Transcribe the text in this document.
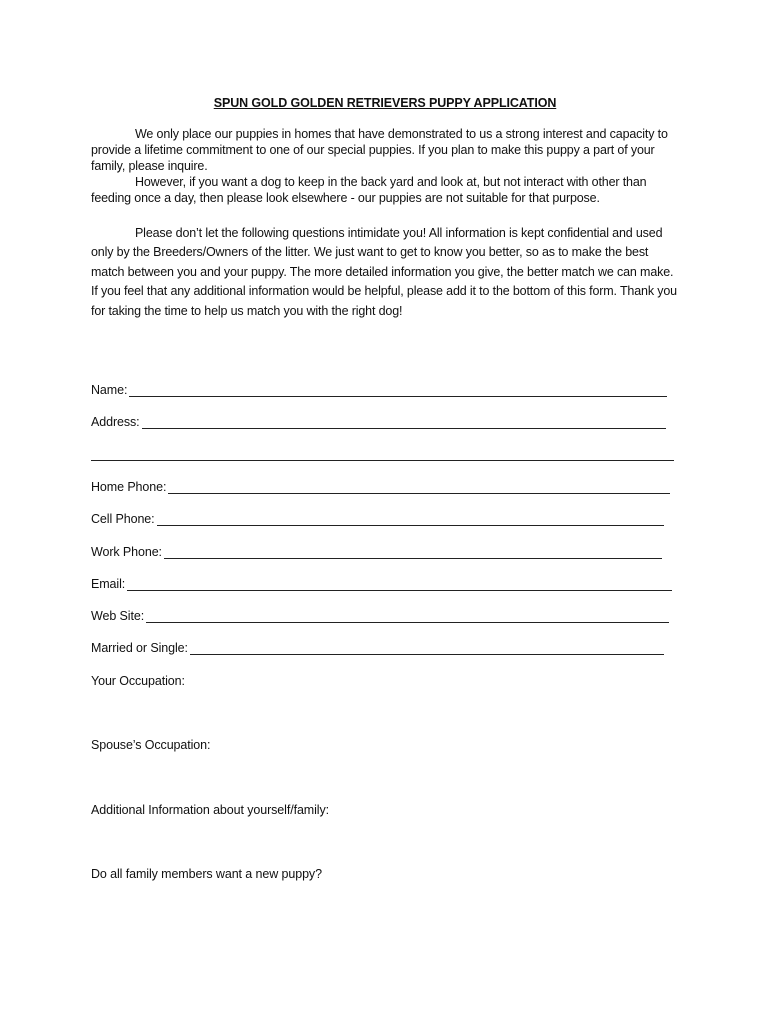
SPUN GOLD GOLDEN RETRIEVERS PUPPY APPLICATION
We only place our puppies in homes that have demonstrated to us a strong interest and capacity to provide a lifetime commitment to one of our special puppies. If you plan to make this puppy a part of your family, please inquire.
However, if you want a dog to keep in the back yard and look at, but not interact with other than feeding once a day, then please look elsewhere - our puppies are not suitable for that purpose.
Please don’t let the following questions intimidate you! All information is kept confidential and used only by the Breeders/Owners of the litter. We just want to get to know you better, so as to make the best match between you and your puppy. The more detailed information you give, the better match we can make. If you feel that any additional information would be helpful, please add it to the bottom of this form. Thank you for taking the time to help us match you with the right dog!
Name:
Address:
Home Phone:
Cell Phone:
Work Phone:
Email:
Web Site:
Married or Single:
Your Occupation:
Spouse’s Occupation:
Additional Information about yourself/family:
Do all family members want a new puppy?
